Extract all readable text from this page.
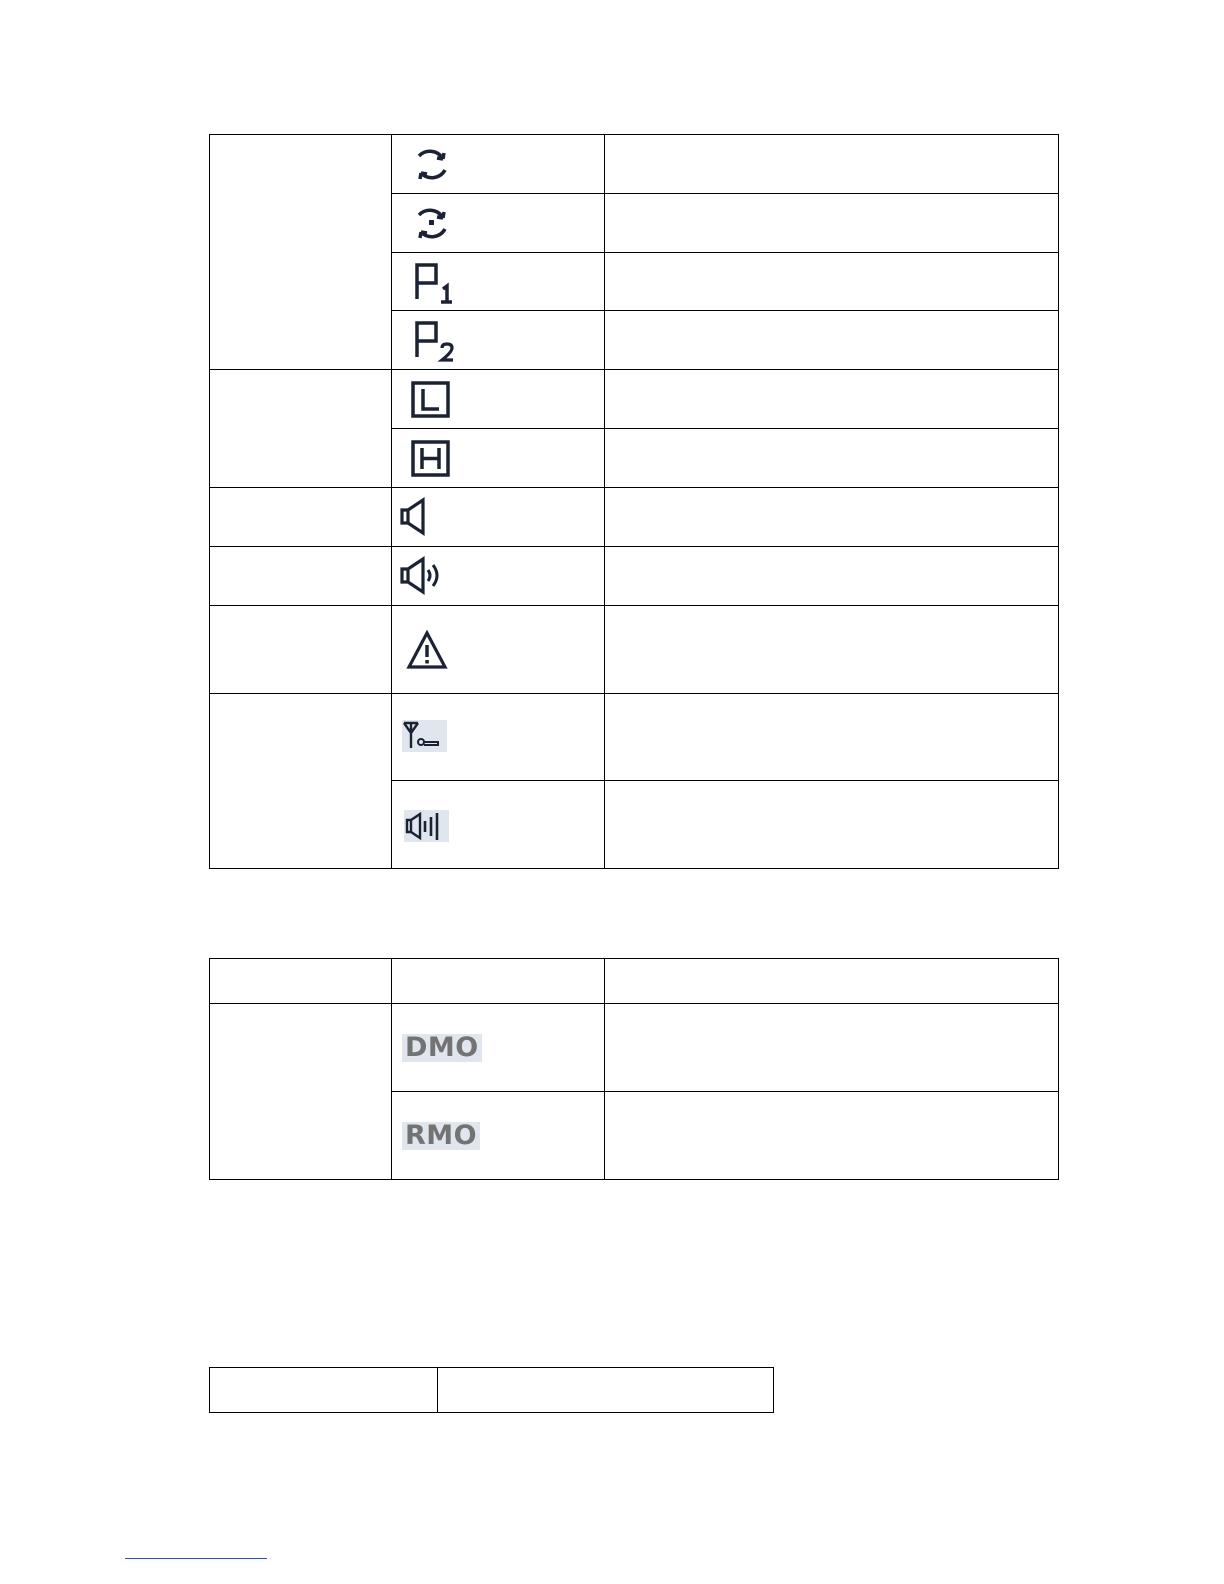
	DMO	
	RMO	
